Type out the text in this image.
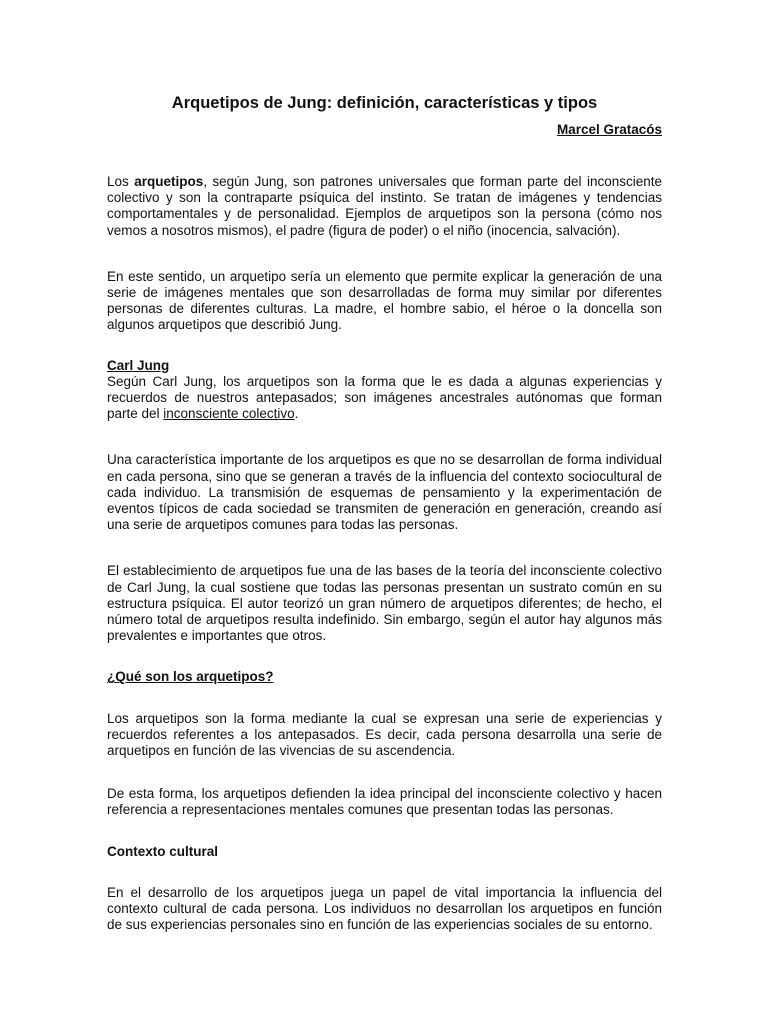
Arquetipos de Jung: definición, características y tipos
Marcel Gratacós

Los arquetipos, según Jung, son patrones universales que forman parte del inconsciente colectivo y son la contraparte psíquica del instinto. Se tratan de imágenes y tendencias comportamentales y de personalidad. Ejemplos de arquetipos son la persona (cómo nos vemos a nosotros mismos), el padre (figura de poder) o el niño (inocencia, salvación).

En este sentido, un arquetipo sería un elemento que permite explicar la generación de una serie de imágenes mentales que son desarrolladas de forma muy similar por diferentes personas de diferentes culturas. La madre, el hombre sabio, el héroe o la doncella son algunos arquetipos que describió Jung.

Carl Jung
Según Carl Jung, los arquetipos son la forma que le es dada a algunas experiencias y recuerdos de nuestros antepasados; son imágenes ancestrales autónomas que forman parte del inconsciente colectivo.

Una característica importante de los arquetipos es que no se desarrollan de forma individual en cada persona, sino que se generan a través de la influencia del contexto sociocultural de cada individuo. La transmisión de esquemas de pensamiento y la experimentación de eventos típicos de cada sociedad se transmiten de generación en generación, creando así una serie de arquetipos comunes para todas las personas.

El establecimiento de arquetipos fue una de las bases de la teoría del inconsciente colectivo de Carl Jung, la cual sostiene que todas las personas presentan un sustrato común en su estructura psíquica. El autor teorizó un gran número de arquetipos diferentes; de hecho, el número total de arquetipos resulta indefinido. Sin embargo, según el autor hay algunos más prevalentes e importantes que otros.

¿Qué son los arquetipos?

Los arquetipos son la forma mediante la cual se expresan una serie de experiencias y recuerdos referentes a los antepasados. Es decir, cada persona desarrolla una serie de arquetipos en función de las vivencias de su ascendencia.

De esta forma, los arquetipos defienden la idea principal del inconsciente colectivo y hacen referencia a representaciones mentales comunes que presentan todas las personas.

Contexto cultural

En el desarrollo de los arquetipos juega un papel de vital importancia la influencia del contexto cultural de cada persona. Los individuos no desarrollan los arquetipos en función de sus experiencias personales sino en función de las experiencias sociales de su entorno.
